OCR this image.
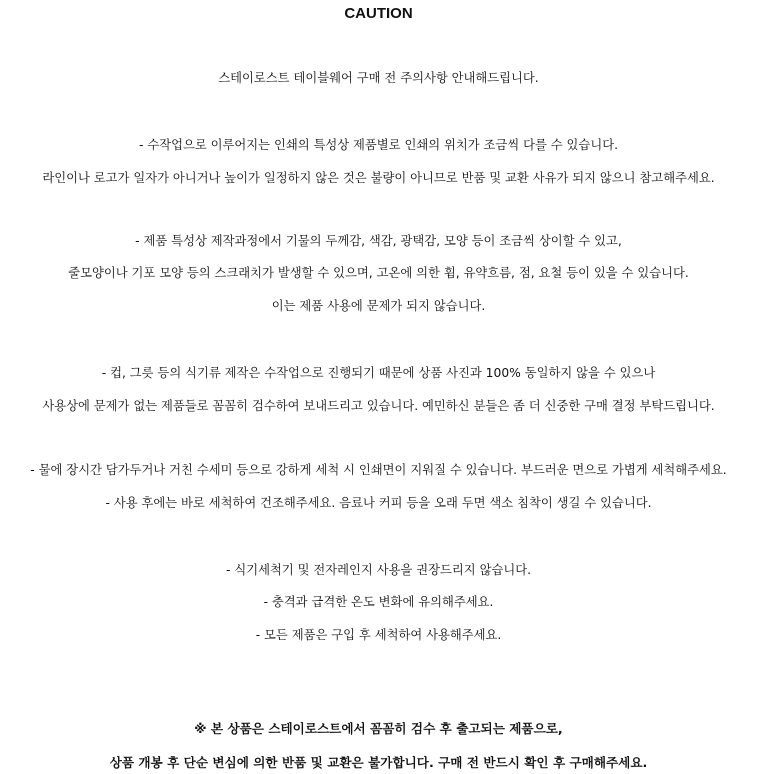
CAUTION
스테이로스트 테이블웨어 구매 전 주의사항 안내해드립니다.
- 수작업으로 이루어지는 인쇄의 특성상 제품별로 인쇄의 위치가 조금씩 다를 수 있습니다.
라인이나 로고가 일자가 아니거나 높이가 일정하지 않은 것은 불량이 아니므로 반품 및 교환 사유가 되지 않으니 참고해주세요.
- 제품 특성상 제작과정에서 기물의 두께감, 색감, 광택감, 모양 등이 조금씩 상이할 수 있고,
줄모양이나 기포 모양 등의 스크래치가 발생할 수 있으며, 고온에 의한 휨, 유약흐름, 점, 요철 등이 있을 수 있습니다.
이는 제품 사용에 문제가 되지 않습니다.
- 컵, 그릇 등의 식기류 제작은 수작업으로 진행되기 때문에 상품 사진과 100% 동일하지 않을 수 있으나
사용상에 문제가 없는 제품들로 꼼꼼히 검수하여 보내드리고 있습니다. 예민하신 분들은 좀 더 신중한 구매 결정 부탁드립니다.
- 물에 장시간 담가두거나 거친 수세미 등으로 강하게 세척 시 인쇄면이 지워질 수 있습니다. 부드러운 면으로 가볍게 세척해주세요.
- 사용 후에는 바로 세척하여 건조해주세요. 음료나 커피 등을 오래 두면 색소 침착이 생길 수 있습니다.
- 식기세척기 및 전자레인지 사용을 권장드리지 않습니다.
- 충격과 급격한 온도 변화에 유의해주세요.
- 모든 제품은 구입 후 세척하여 사용해주세요.
※ 본 상품은 스테이로스트에서 꼼꼼히 검수 후 출고되는 제품으로,
상품 개봉 후 단순 변심에 의한 반품 및 교환은 불가합니다. 구매 전 반드시 확인 후 구매해주세요.
